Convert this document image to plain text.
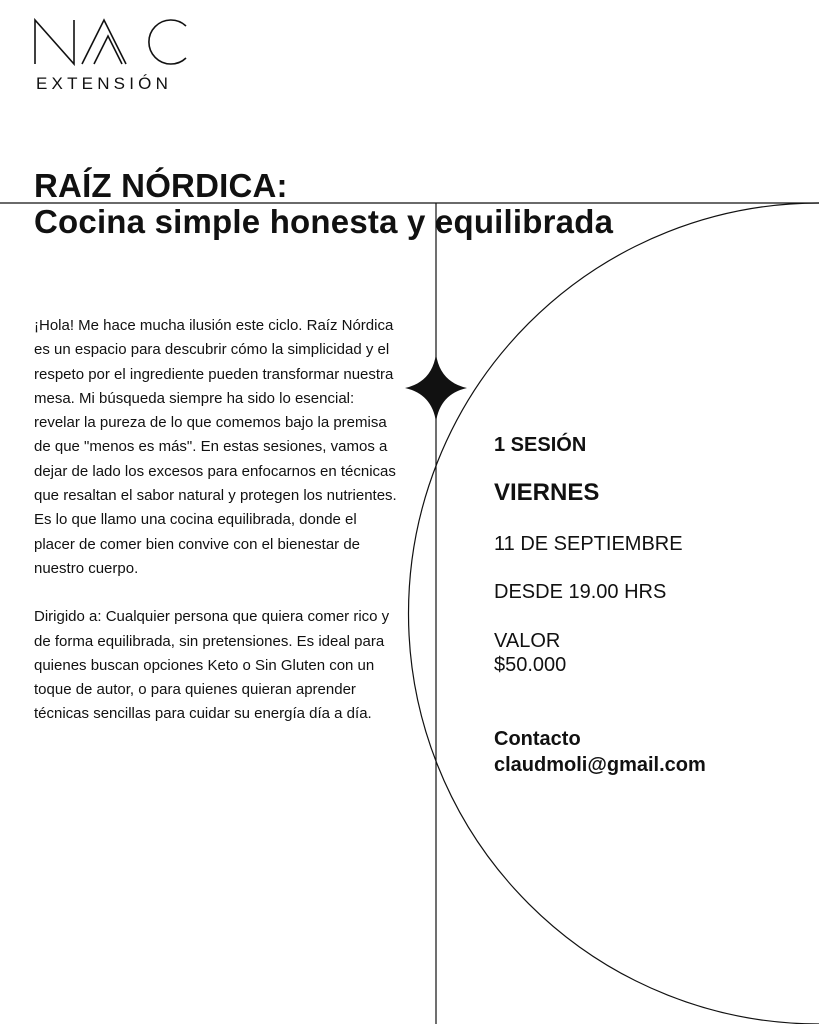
EXTENSIÓN
RAÍZ NÓRDICA:
Cocina simple honesta y equilibrada

¡Hola! Me hace mucha ilusión este ciclo. Raíz Nórdica es un espacio para descubrir cómo la simplicidad y el respeto por el ingrediente pueden transformar nuestra mesa. Mi búsqueda siempre ha sido lo esencial: revelar la pureza de lo que comemos bajo la premisa de que "menos es más". En estas sesiones, vamos a dejar de lado los excesos para enfocarnos en técnicas que resaltan el sabor natural y protegen los nutrientes. Es lo que llamo una cocina equilibrada, donde el placer de comer bien convive con el bienestar de nuestro cuerpo.

Dirigido a: Cualquier persona que quiera comer rico y de forma equilibrada, sin pretensiones. Es ideal para quienes buscan opciones Keto o Sin Gluten con un toque de autor, o para quienes quieran aprender técnicas sencillas para cuidar su energía día a día.

1 SESIÓN
VIERNES
11 DE SEPTIEMBRE
DESDE 19.00 HRS
VALOR
$50.000
Contacto
claudmoli@gmail.com
